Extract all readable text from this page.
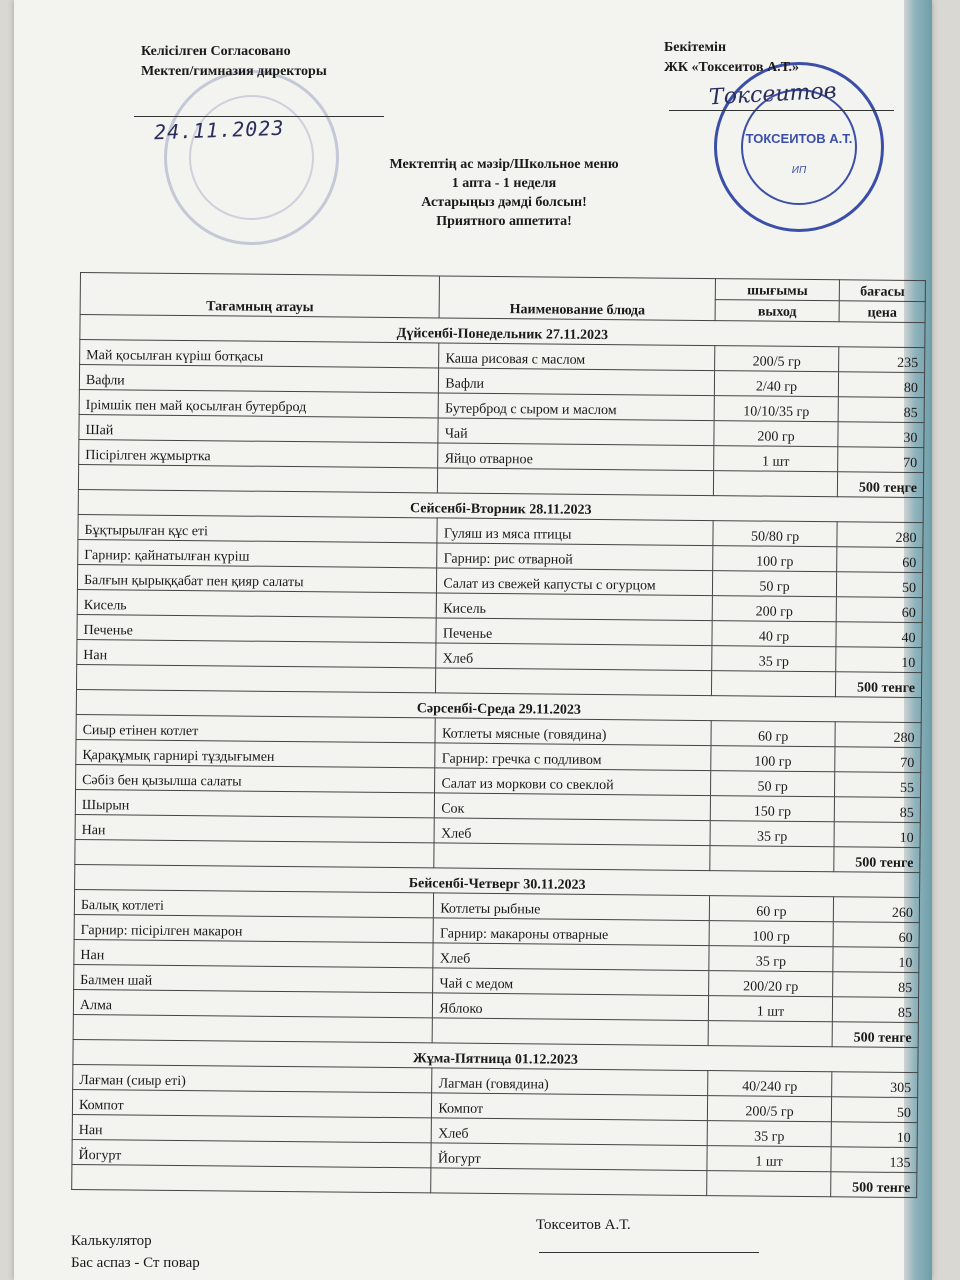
Келісілген Согласовано
Мектеп/гимназия директоры
24.11.2023	ТОКСЕИТОВ А.Т.
ИП
Бекітемін
ЖК «Токсеитов А.Т.»
Токсеитов
Мектептің ас мәзір/Школьное меню
1 апта - 1 неделя
Астарыңыз дәмді болсын!
Приятного аппетита!
Тағамның атауы	Наименование блюда	шығымы	бағасы
		выход	цена
Дүйсенбі-Понедельник 27.11.2023			
Май қосылған күріш ботқасы	Каша рисовая с маслом	200/5 гр	235
Вафли	Вафли	2/40 гр	80
Ірімшік пен май қосылған бутерброд	Бутерброд с сыром и маслом	10/10/35 гр	85
Шай	Чай	200 гр	30
Пісірілген жұмыртка	Яйцо отварное	1 шт	70
			500 теңге
Сейсенбі-Вторник 28.11.2023			
Бұқтырылған құс еті	Гуляш из мяса птицы	50/80 гр	280
Гарнир: қайнатылған күріш	Гарнир: рис отварной	100 гр	60
Балғын қырыққабат пен қияр салаты	Салат из свежей капусты с огурцом	50 гр	50
Кисель	Кисель	200 гр	60
Печенье	Печенье	40 гр	40
Нан	Хлеб	35 гр	10
			500 тенге
Сәрсенбі-Среда 29.11.2023			
Сиыр етінен котлет	Котлеты мясные (говядина)	60 гр	280
Қарақұмық гарнирі тұздығымен	Гарнир: гречка с подливом	100 гр	70
Сәбіз бен қызылша салаты	Салат из моркови со свеклой	50 гр	55
Шырын	Сок	150 гр	85
Нан	Хлеб	35 гр	10
			500 тенге
Бейсенбі-Четверг 30.11.2023			
Балық котлеті	Котлеты рыбные	60 гр	260
Гарнир: пісірілген макарон	Гарнир: макароны отварные	100 гр	60
Нан	Хлеб	35 гр	10
Балмен шай	Чай с медом	200/20 гр	85
Алма	Яблоко	1 шт	85
			500 тенге
Жұма-Пятница 01.12.2023			
Лағман (сиыр еті)	Лагман (говядина)	40/240 гр	305
Компот	Компот	200/5 гр	50
Нан	Хлеб	35 гр	10
Йогурт	Йогурт	1 шт	135
			500 тенге
Калькулятор
Бас аспаз - Ст повар
Токсеитов А.Т.
